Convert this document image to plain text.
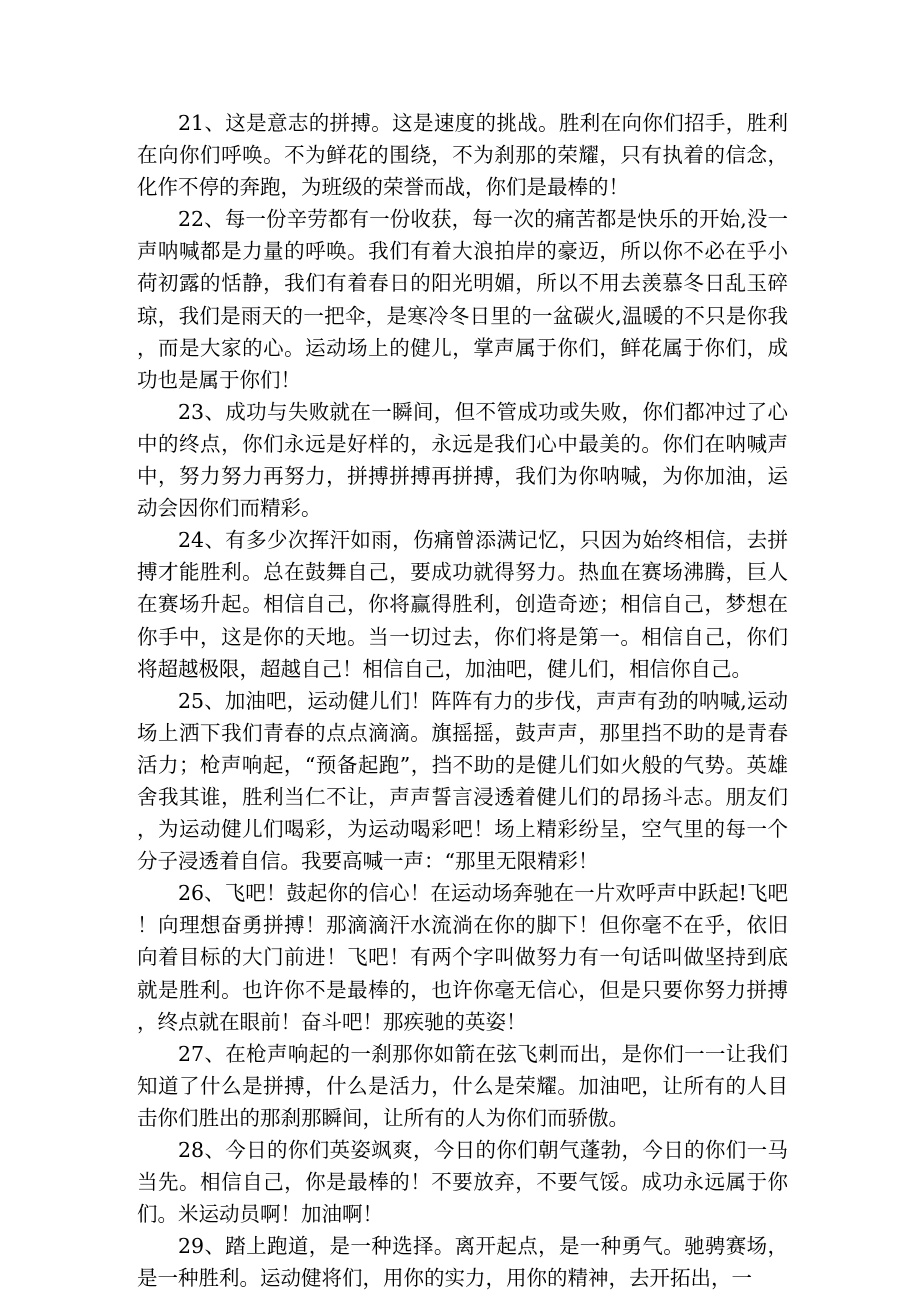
21、这是意志的拼搏。这是速度的挑战。胜利在向你们招手，胜利在向你们呼唤。不为鲜花的围绕，不为刹那的荣耀，只有执着的信念，化作不停的奔跑，为班级的荣誉而战，你们是最棒的！

22、每一份辛劳都有一份收获，每一次的痛苦都是快乐的开始,没一声呐喊都是力量的呼唤。我们有着大浪拍岸的豪迈，所以你不必在乎小荷初露的恬静，我们有着春日的阳光明媚，所以不用去羡慕冬日乱玉碎琼，我们是雨天的一把伞，是寒冷冬日里的一盆碳火,温暖的不只是你我，而是大家的心。运动场上的健儿，掌声属于你们，鲜花属于你们，成功也是属于你们！

23、成功与失败就在一瞬间，但不管成功或失败，你们都冲过了心中的终点，你们永远是好样的，永远是我们心中最美的。你们在呐喊声中，努力努力再努力，拼搏拼搏再拼搏，我们为你呐喊，为你加油，运动会因你们而精彩。

24、有多少次挥汗如雨，伤痛曾添满记忆，只因为始终相信，去拼搏才能胜利。总在鼓舞自己，要成功就得努力。热血在赛场沸腾，巨人在赛场升起。相信自己，你将赢得胜利，创造奇迹；相信自己，梦想在你手中，这是你的天地。当一切过去，你们将是第一。相信自己，你们将超越极限，超越自己！相信自己，加油吧，健儿们，相信你自己。

25、加油吧，运动健儿们！阵阵有力的步伐，声声有劲的呐喊,运动场上洒下我们青春的点点滴滴。旗摇摇，鼓声声，那里挡不助的是青春活力；枪声响起，“预备起跑”，挡不助的是健儿们如火般的气势。英雄舍我其谁，胜利当仁不让，声声誓言浸透着健儿们的昂扬斗志。朋友们，为运动健儿们喝彩，为运动喝彩吧！场上精彩纷呈，空气里的每一个分子浸透着自信。我要高喊一声：“那里无限精彩！

26、飞吧！鼓起你的信心！在运动场奔驰在一片欢呼声中跃起!飞吧！向理想奋勇拼搏！那滴滴汗水流淌在你的脚下！但你毫不在乎，依旧向着目标的大门前进！飞吧！有两个字叫做努力有一句话叫做坚持到底就是胜利。也许你不是最棒的，也许你毫无信心，但是只要你努力拼搏，终点就在眼前！奋斗吧！那疾驰的英姿！

27、在枪声响起的一刹那你如箭在弦飞刺而出，是你们一一让我们知道了什么是拼搏，什么是活力，什么是荣耀。加油吧，让所有的人目击你们胜出的那刹那瞬间，让所有的人为你们而骄傲。

28、今日的你们英姿飒爽，今日的你们朝气蓬勃，今日的你们一马当先。相信自己，你是最棒的！不要放弃，不要气馁。成功永远属于你们。米运动员啊！加油啊！

29、踏上跑道，是一种选择。离开起点，是一种勇气。驰骋赛场，是一种胜利。运动健将们，用你的实力，用你的精神，去开拓出，一
